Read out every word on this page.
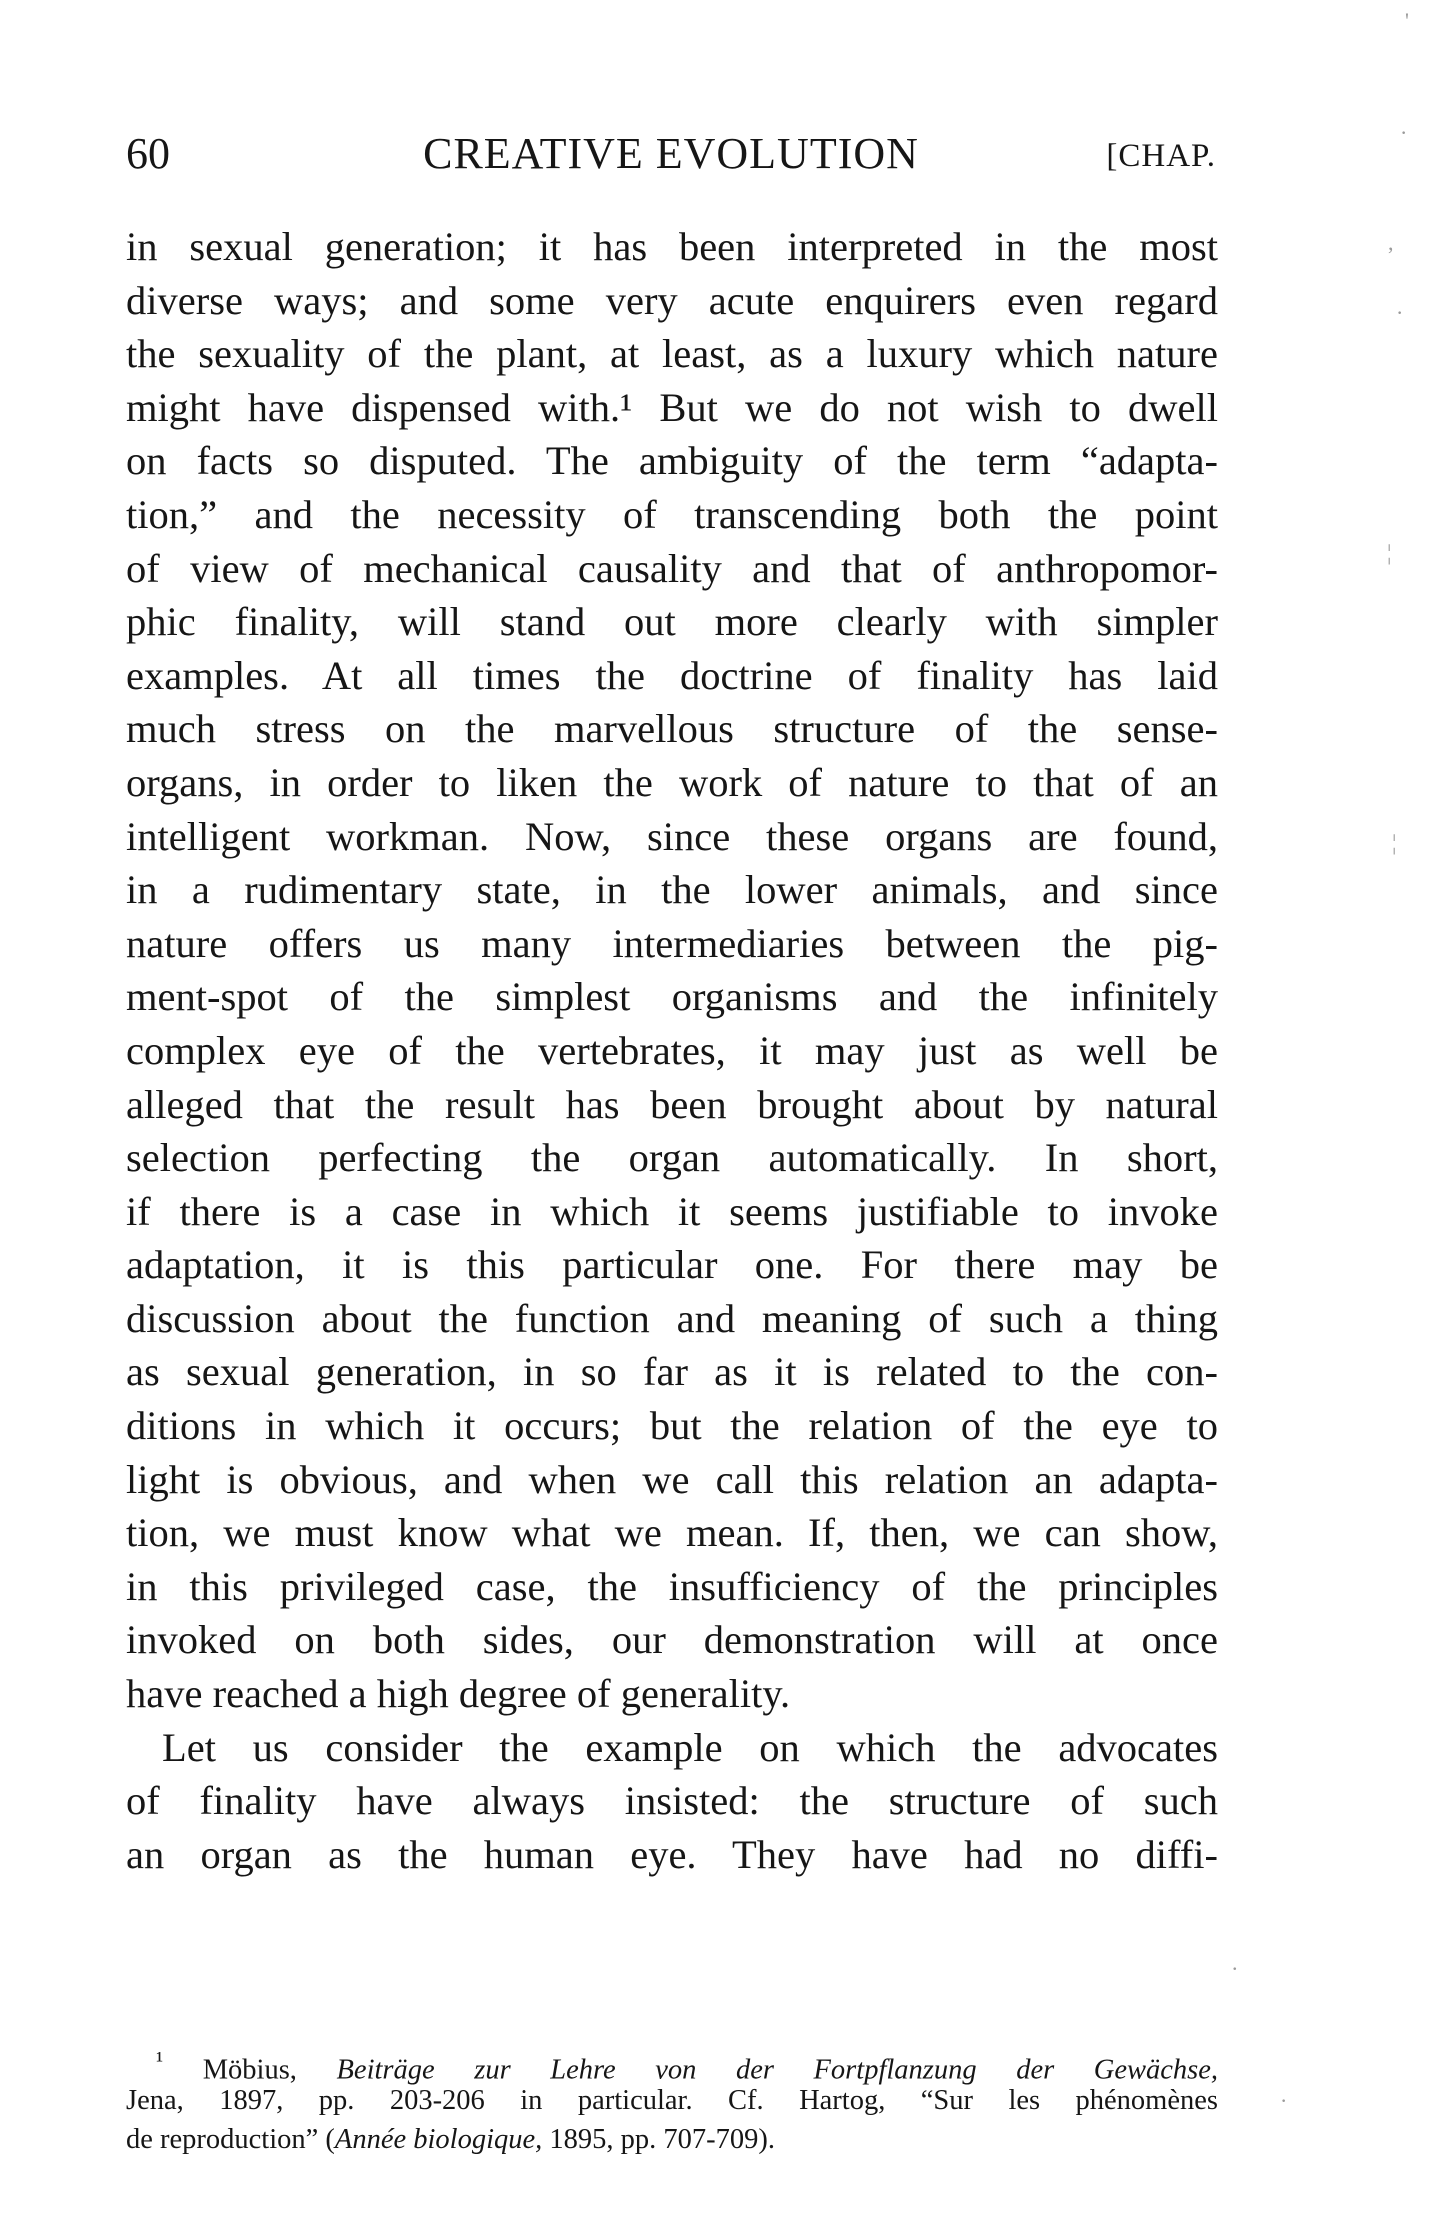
60	CREATIVE EVOLUTION	[CHAP.
in sexual generation; it has been interpreted in the most
diverse ways; and some very acute enquirers even regard
the sexuality of the plant, at least, as a luxury which nature
might have dispensed with.¹ But we do not wish to dwell
on facts so disputed. The ambiguity of the term “adapta-
tion,” and the necessity of transcending both the point
of view of mechanical causality and that of anthropomor-
phic finality, will stand out more clearly with simpler
examples. At all times the doctrine of finality has laid
much stress on the marvellous structure of the sense-
organs, in order to liken the work of nature to that of an
intelligent workman. Now, since these organs are found,
in a rudimentary state, in the lower animals, and since
nature offers us many intermediaries between the pig-
ment-spot of the simplest organisms and the infinitely
complex eye of the vertebrates, it may just as well be
alleged that the result has been brought about by natural
selection perfecting the organ automatically. In short,
if there is a case in which it seems justifiable to invoke
adaptation, it is this particular one. For there may be
discussion about the function and meaning of such a thing
as sexual generation, in so far as it is related to the con-
ditions in which it occurs; but the relation of the eye to
light is obvious, and when we call this relation an adapta-
tion, we must know what we mean. If, then, we can show,
in this privileged case, the insufficiency of the principles
invoked on both sides, our demonstration will at once
have reached a high degree of generality.
Let us consider the example on which the advocates
of finality have always insisted: the structure of such
an organ as the human eye. They have had no diffi-
$^{^1}$ Möbius, Beiträge zur Lehre von der Fortpflanzung der Gewächse,
Jena, 1897, pp. 203-206 in particular. Cf. Hartog, “Sur les phénomènes
de reproduction” (Année biologique, 1895, pp. 707-709).
'
·
,
·
¦
¦
.
·
